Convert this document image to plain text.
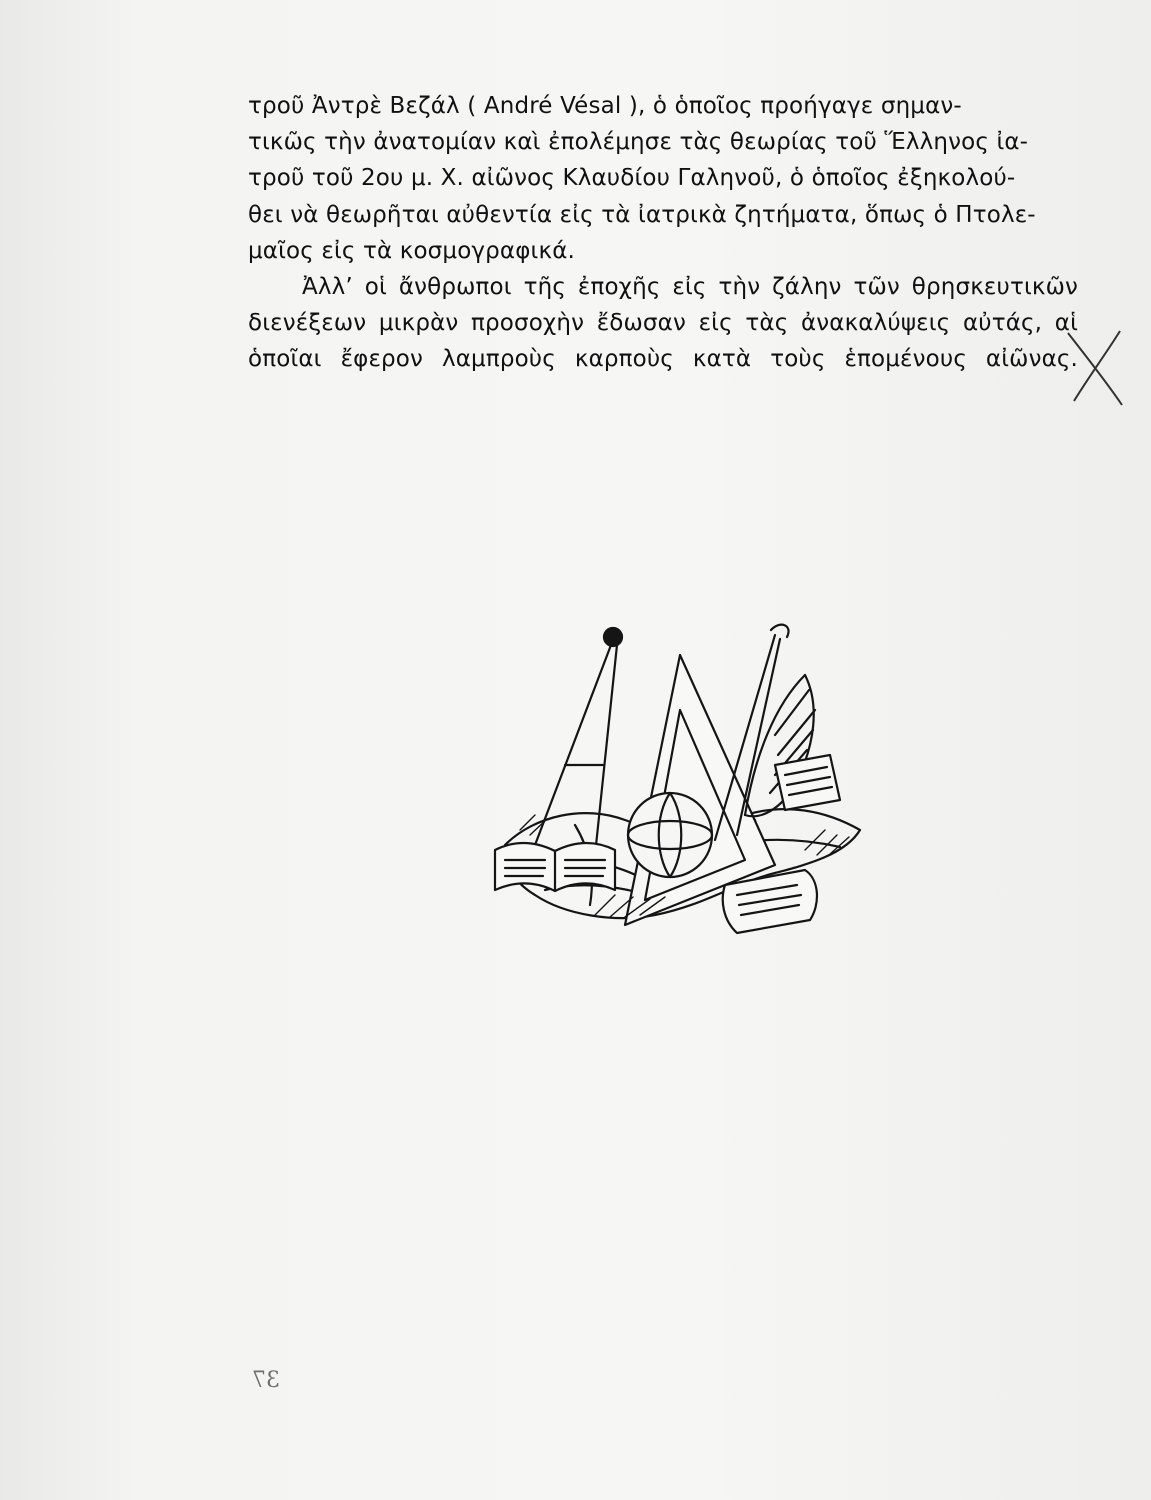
τροῦ Ἀντρὲ Βεζάλ ( André Vésal ), ὁ ὁποῖος προήγαγε σημαν-
τικῶς τὴν ἀνατομίαν καὶ ἐπολέμησε τὰς θεωρίας τοῦ Ἕλληνος ἰα-
τροῦ τοῦ 2ου μ. Χ. αἰῶνος Κλαυδίου Γαληνοῦ, ὁ ὁποῖος ἐξηκολού-
θει νὰ θεωρῆται αὐθεντία εἰς τὰ ἰατρικὰ ζητήματα, ὅπως ὁ Πτολε-
μαῖος εἰς τὰ κοσμογραφικά.

Ἀλλ’ οἱ ἄνθρωποι τῆς ἐποχῆς εἰς τὴν ζάλην τῶν θρησκευτικῶν
διενέξεων μικρὰν προσοχὴν ἔδωσαν εἰς τὰς ἀνακαλύψεις αὐτάς, αἱ
ὁποῖαι ἔφερον λαμπροὺς καρποὺς κατὰ τοὺς ἑπομένους αἰῶνας.

37
